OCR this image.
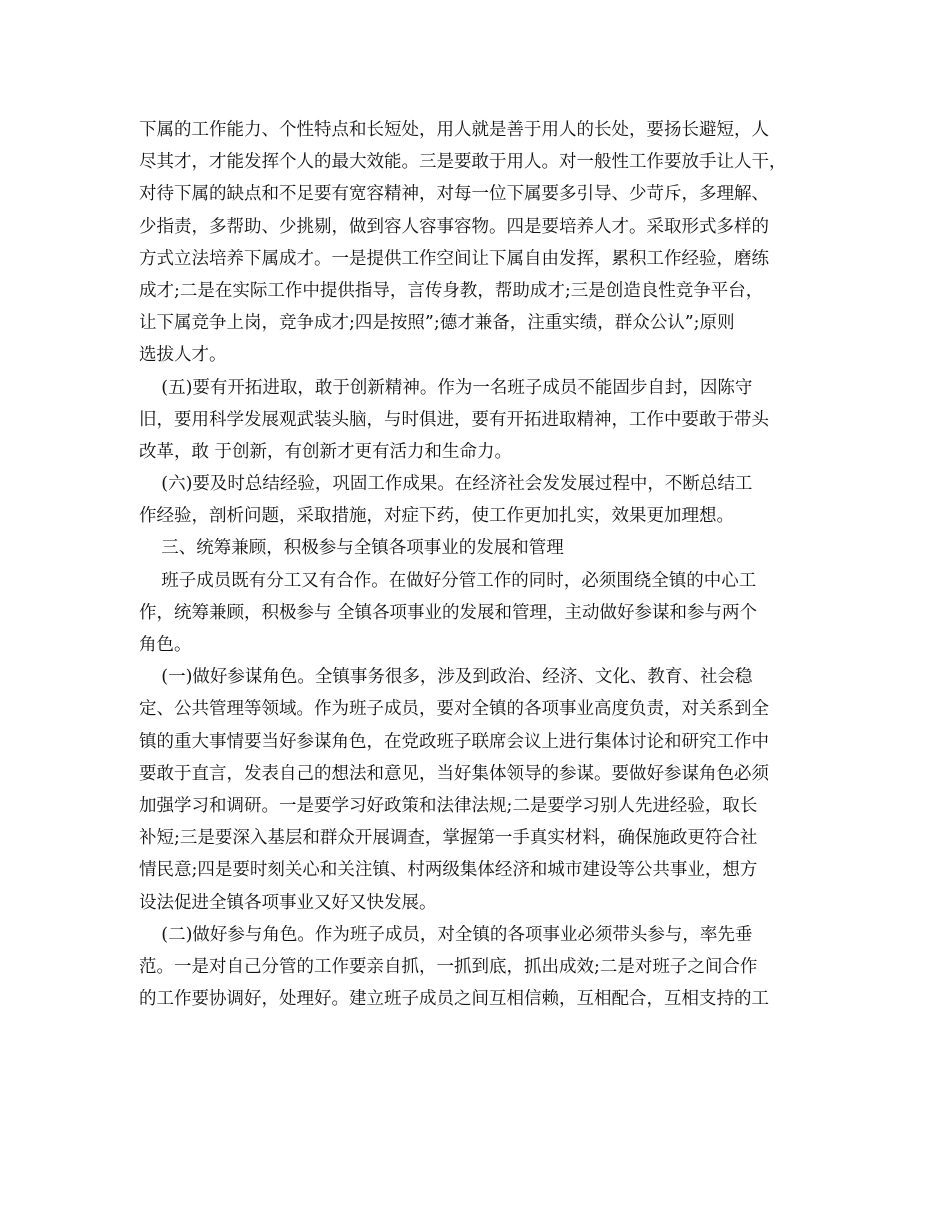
下属的工作能力、个性特点和长短处，用人就是善于用人的长处，要扬长避短，人
尽其才，才能发挥个人的最大效能。三是要敢于用人。对一般性工作要放手让人干，
对待下属的缺点和不足要有宽容精神，对每一位下属要多引导、少苛斥，多理解、
少指责，多帮助、少挑剔，做到容人容事容物。四是要培养人才。采取形式多样的
方式立法培养下属成才。一是提供工作空间让下属自由发挥，累积工作经验，磨练
成才;二是在实际工作中提供指导，言传身教，帮助成才;三是创造良性竞争平台，
让下属竞争上岗，竞争成才;四是按照”;德才兼备，注重实绩，群众公认”;原则
选拔人才。
(五)要有开拓进取，敢于创新精神。作为一名班子成员不能固步自封，因陈守
旧，要用科学发展观武装头脑，与时俱进，要有开拓进取精神，工作中要敢于带头
改革，敢 于创新，有创新才更有活力和生命力。
(六)要及时总结经验，巩固工作成果。在经济社会发发展过程中，不断总结工
作经验，剖析问题，采取措施，对症下药，使工作更加扎实，效果更加理想。
三、统筹兼顾，积极参与全镇各项事业的发展和管理
班子成员既有分工又有合作。在做好分管工作的同时，必须围绕全镇的中心工
作，统筹兼顾，积极参与 全镇各项事业的发展和管理，主动做好参谋和参与两个
角色。
(一)做好参谋角色。全镇事务很多，涉及到政治、经济、文化、教育、社会稳
定、公共管理等领域。作为班子成员，要对全镇的各项事业高度负责，对关系到全
镇的重大事情要当好参谋角色，在党政班子联席会议上进行集体讨论和研究工作中
要敢于直言，发表自己的想法和意见，当好集体领导的参谋。要做好参谋角色必须
加强学习和调研。一是要学习好政策和法律法规;二是要学习别人先进经验，取长
补短;三是要深入基层和群众开展调查，掌握第一手真实材料，确保施政更符合社
情民意;四是要时刻关心和关注镇、村两级集体经济和城市建设等公共事业，想方
设法促进全镇各项事业又好又快发展。
(二)做好参与角色。作为班子成员，对全镇的各项事业必须带头参与，率先垂
范。一是对自己分管的工作要亲自抓，一抓到底，抓出成效;二是对班子之间合作
的工作要协调好，处理好。建立班子成员之间互相信赖，互相配合，互相支持的工
